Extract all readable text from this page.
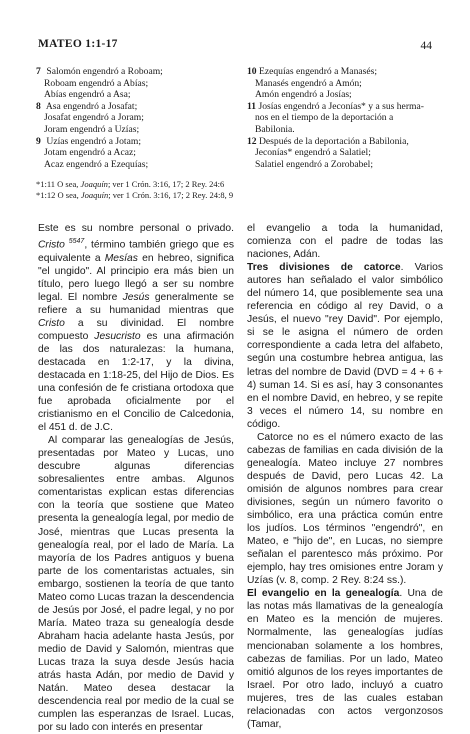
MATEO 1:1-17	44
7 Salomón engendró a Roboam;
Roboam engendró a Abías;
Abías engendró a Asa;
8 Asa engendró a Josafat;
Josafat engendró a Joram;
Joram engendró a Uzías;
9 Uzías engendró a Jotam;
Jotam engendró a Acaz;
Acaz engendró a Ezequías;
10 Ezequías engendró a Manasés;
Manasés engendró a Amón;
Amón engendró a Josías;
11 Josías engendró a Jeconías* y a sus herma-
nos en el tiempo de la deportación a
Babilonia.
12 Después de la deportación a Babilonia,
Jeconías* engendró a Salatiel;
Salatiel engendró a Zorobabel;
*1:11 O sea, Joaquín; ver 1 Crón. 3:16, 17; 2 Rey. 24:6
*1:12 O sea, Joaquín; ver 1 Crón. 3:16, 17; 2 Rey. 24:8, 9

Este es su nombre personal o privado. Cristo $^{5547}$, término también griego que es equivalente a Mesías en hebreo, significa "el ungido". Al principio era más bien un título, pero luego llegó a ser su nombre legal. El nombre Jesús generalmente se refiere a su humanidad mientras que Cristo a su divinidad. El nombre compuesto Jesucristo es una afirmación de las dos naturalezas: la humana, destacada en 1:2-17, y la divina, destacada en 1:18-25, del Hijo de Dios. Es una confesión de fe cristiana ortodoxa que fue aprobada oficialmente por el cristianismo en el Concilio de Calcedonia, el 451 d. de J.C.

Al comparar las genealogías de Jesús, presentadas por Mateo y Lucas, uno descubre algunas diferencias sobresalientes entre ambas. Algunos comentaristas explican estas diferencias con la teoría que sostiene que Mateo presenta la genealogía legal, por medio de José, mientras que Lucas presenta la genealogía real, por el lado de María. La mayoría de los Padres antiguos y buena parte de los comentaristas actuales, sin embargo, sostienen la teoría de que tanto Mateo como Lucas trazan la descendencia de Jesús por José, el padre legal, y no por María. Mateo traza su genealogía desde Abraham hacia adelante hasta Jesús, por medio de David y Salomón, mientras que Lucas traza la suya desde Jesús hacia atrás hasta Adán, por medio de David y Natán. Mateo desea destacar la descendencia real por medio de la cual se cumplen las esperanzas de Israel. Lucas, por su lado con interés en presentar

el evangelio a toda la humanidad, comienza con el padre de todas las naciones, Adán.

Tres divisiones de catorce. Varios autores han señalado el valor simbólico del número 14, que posiblemente sea una referencia en código al rey David, o a Jesús, el nuevo "rey David". Por ejemplo, si se le asigna el número de orden correspondiente a cada letra del alfabeto, según una costumbre hebrea antigua, las letras del nombre de David (DVD = 4 + 6 + 4) suman 14. Si es así, hay 3 consonantes en el nombre David, en hebreo, y se repite 3 veces el número 14, su nombre en código.

Catorce no es el número exacto de las cabezas de familias en cada división de la genealogía. Mateo incluye 27 nombres después de David, pero Lucas 42. La omisión de algunos nombres para crear divisiones, según un número favorito o simbólico, era una práctica común entre los judíos. Los términos "engendró", en Mateo, e "hijo de", en Lucas, no siempre señalan el parentesco más próximo. Por ejemplo, hay tres omisiones entre Joram y Uzías (v. 8, comp. 2 Rey. 8:24 ss.).

El evangelio en la genealogía. Una de las notas más llamativas de la genealogía en Mateo es la mención de mujeres. Normalmente, las genealogías judías mencionaban solamente a los hombres, cabezas de familias. Por un lado, Mateo omitió algunos de los reyes importantes de Israel. Por otro lado, incluyó a cuatro mujeres, tres de las cuales estaban relacionadas con actos vergonzosos (Tamar,
